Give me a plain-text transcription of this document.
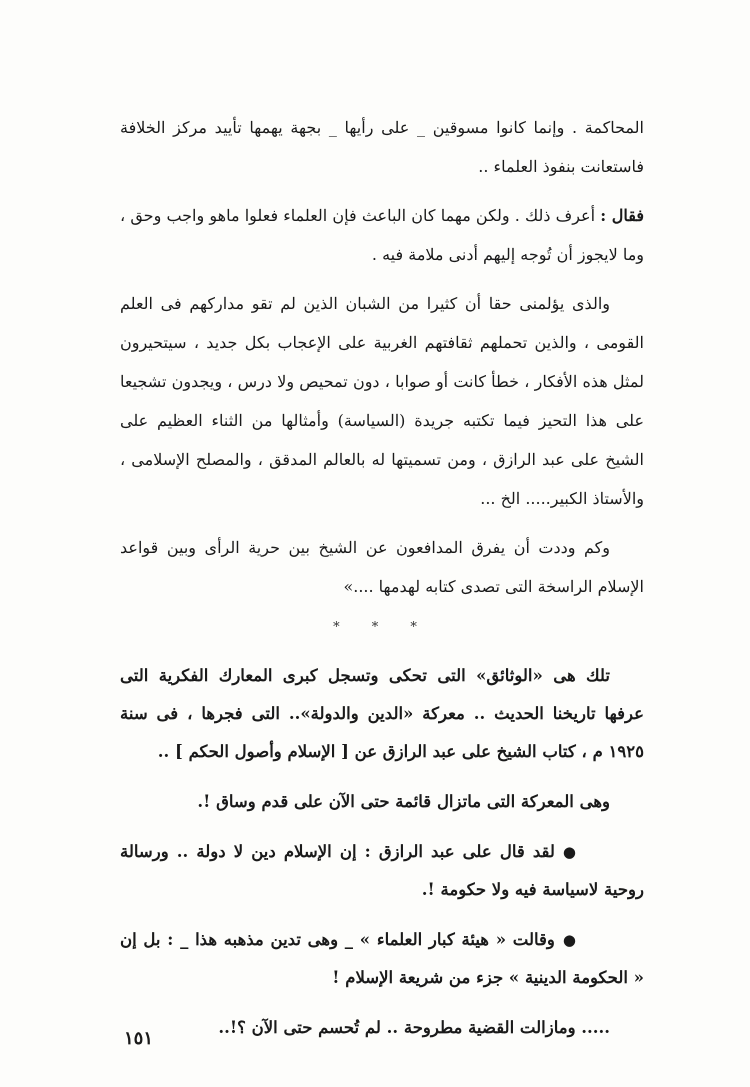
المحاكمة . وإنما كانوا مسوقين _ على رأيها _ بجهة يهمها تأييد مركز الخلافة فاستعانت بنفوذ العلماء ..

فقال : أعرف ذلك . ولكن مهما كان الباعث فإن العلماء فعلوا ماهو واجب وحق ، وما لايجوز أن تُوجه إليهم أدنى ملامة فيه .

والذى يؤلمنى حقا أن كثيرا من الشبان الذين لم تقو مداركهم فى العلم القومى ، والذين تحملهم ثقافتهم الغربية على الإعجاب بكل جديد ، سيتحيرون لمثل هذه الأفكار ، خطأ كانت أو صوابا ، دون تمحيص ولا درس ، ويجدون تشجيعا على هذا التحيز فيما تكتبه جريدة (السياسة) وأمثالها من الثناء العظيم على الشيخ على عبد الرازق ، ومن تسميتها له بالعالم المدقق ، والمصلح الإسلامى ، والأستاذ الكبير..... الخ ...

وكم وددت أن يفرق المدافعون عن الشيخ بين حرية الرأى وبين قواعد الإسلام الراسخة التى تصدى كتابه لهدمها ....»

* * *

تلك هى «الوثائق» التى تحكى وتسجل كبرى المعارك الفكرية التى عرفها تاريخنا الحديث .. معركة «الدين والدولة».. التى فجرها ، فى سنة ١٩٢٥ م ، كتاب الشيخ على عبد الرازق عن [ الإسلام وأصول الحكم ] ..

وهى المعركة التى ماتزال قائمة حتى الآن على قدم وساق !.

●لقد قال على عبد الرازق : إن الإسلام دين لا دولة .. ورسالة روحية لاسياسة فيه ولا حكومة !.

●وقالت « هيئة كبار العلماء » _ وهى تدين مذهبه هذا _ : بل إن « الحكومة الدينية » جزء من شريعة الإسلام !

..... ومازالت القضية مطروحة .. لم تُحسم حتى الآن ؟!..

١٥١
